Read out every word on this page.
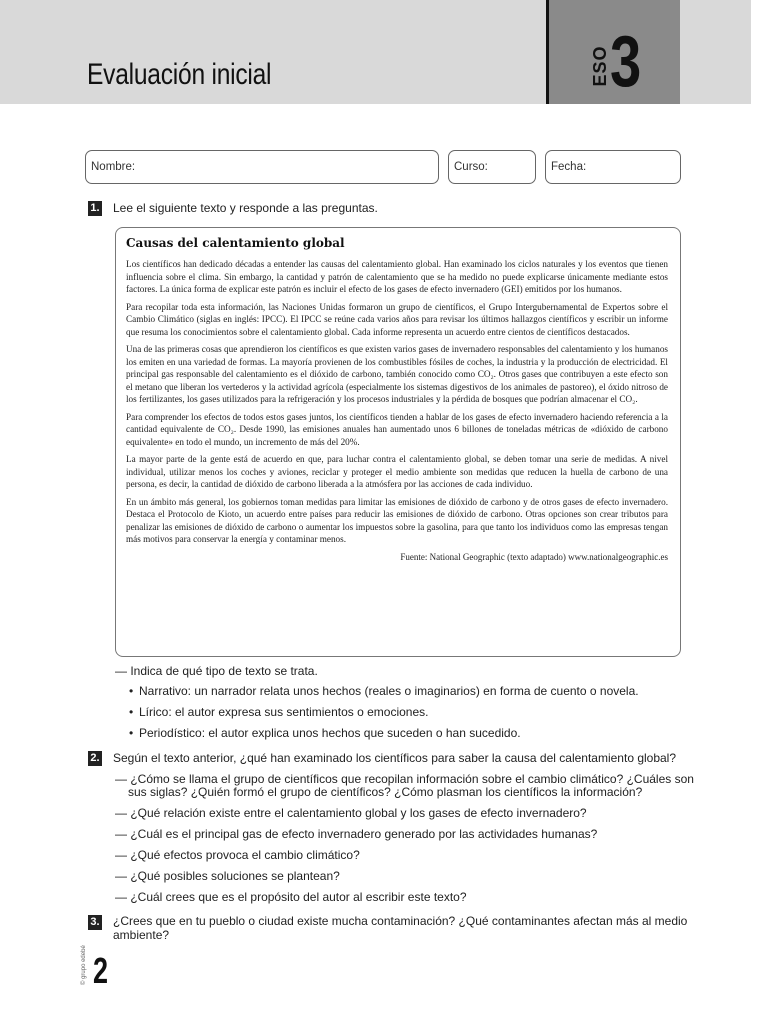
Evaluación inicial	ESO 3
Nombre:	Curso:	Fecha:
1. Lee el siguiente texto y responde a las preguntas.
Causas del calentamiento global

Los científicos han dedicado décadas a entender las causas del calentamiento global. Han examinado los ciclos naturales y los eventos que tienen influencia sobre el clima. Sin embargo, la cantidad y patrón de calentamiento que se ha medido no puede explicarse únicamente mediante estos factores. La única forma de explicar este patrón es incluir el efecto de los gases de efecto invernadero (GEI) emitidos por los humanos.

Para recopilar toda esta información, las Naciones Unidas formaron un grupo de científicos, el Grupo Intergubernamental de Expertos sobre el Cambio Climático (siglas en inglés: IPCC). El IPCC se reúne cada varios años para revisar los últimos hallazgos científicos y escribir un informe que resuma los conocimientos sobre el calentamiento global. Cada informe representa un acuerdo entre cientos de científicos destacados.

Una de las primeras cosas que aprendieron los científicos es que existen varios gases de invernadero responsables del calentamiento y los humanos los emiten en una variedad de formas. La mayoría provienen de los combustibles fósiles de coches, la industria y la producción de electricidad. El principal gas responsable del calentamiento es el dióxido de carbono, también conocido como CO₂. Otros gases que contribuyen a este efecto son el metano que liberan los vertederos y la actividad agrícola (especialmente los sistemas digestivos de los animales de pastoreo), el óxido nitroso de los fertilizantes, los gases utilizados para la refrigeración y los procesos industriales y la pérdida de bosques que podrían almacenar el CO₂.

Para comprender los efectos de todos estos gases juntos, los científicos tienden a hablar de los gases de efecto invernadero haciendo referencia a la cantidad equivalente de CO₂. Desde 1990, las emisiones anuales han aumentado unos 6 billones de toneladas métricas de «dióxido de carbono equivalente» en todo el mundo, un incremento de más del 20%.

La mayor parte de la gente está de acuerdo en que, para luchar contra el calentamiento global, se deben tomar una serie de medidas. A nivel individual, utilizar menos los coches y aviones, reciclar y proteger el medio ambiente son medidas que reducen la huella de carbono de una persona, es decir, la cantidad de dióxido de carbono liberada a la atmósfera por las acciones de cada individuo.

En un ámbito más general, los gobiernos toman medidas para limitar las emisiones de dióxido de carbono y de otros gases de efecto invernadero. Destaca el Protocolo de Kioto, un acuerdo entre países para reducir las emisiones de dióxido de carbono. Otras opciones son crear tributos para penalizar las emisiones de dióxido de carbono o aumentar los impuestos sobre la gasolina, para que tanto los individuos como las empresas tengan más motivos para conservar la energía y contaminar menos.

Fuente: National Geographic (texto adaptado) www.nationalgeographic.es
— Indica de qué tipo de texto se trata.
• Narrativo: un narrador relata unos hechos (reales o imaginarios) en forma de cuento o novela.
• Lírico: el autor expresa sus sentimientos o emociones.
• Periodístico: el autor explica unos hechos que suceden o han sucedido.
2. Según el texto anterior, ¿qué han examinado los científicos para saber la causa del calentamiento global?
— ¿Cómo se llama el grupo de científicos que recopilan información sobre el cambio climático? ¿Cuáles son
sus siglas? ¿Quién formó el grupo de científicos? ¿Cómo plasman los científicos la información?
— ¿Qué relación existe entre el calentamiento global y los gases de efecto invernadero?
— ¿Cuál es el principal gas de efecto invernadero generado por las actividades humanas?
— ¿Qué efectos provoca el cambio climático?
— ¿Qué posibles soluciones se plantean?
— ¿Cuál crees que es el propósito del autor al escribir este texto?
3. ¿Crees que en tu pueblo o ciudad existe mucha contaminación? ¿Qué contaminantes afectan más al medio
ambiente?
© grupo edebé 2
